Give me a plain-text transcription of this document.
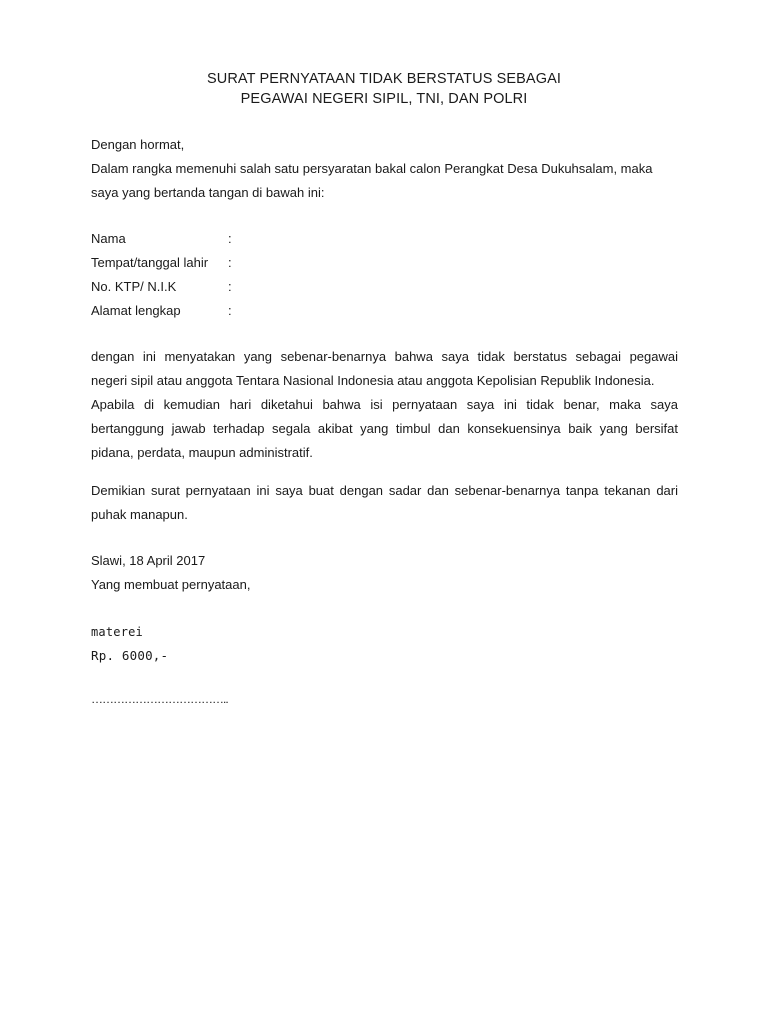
SURAT PERNYATAAN TIDAK BERSTATUS SEBAGAI
PEGAWAI NEGERI SIPIL, TNI, DAN POLRI
Dengan hormat,
Dalam rangka memenuhi salah satu persyaratan bakal calon Perangkat Desa Dukuhsalam, maka
saya yang bertanda tangan di bawah ini:
Nama	:
Tempat/tanggal lahir :
No. KTP/ N.I.K	:
Alamat lengkap	:
dengan ini menyatakan yang sebenar-benarnya bahwa saya tidak berstatus sebagai pegawai
negeri sipil atau anggota Tentara Nasional Indonesia atau anggota Kepolisian Republik Indonesia.
Apabila di kemudian hari diketahui bahwa isi pernyataan saya ini tidak benar, maka saya
bertanggung jawab terhadap segala akibat yang timbul dan konsekuensinya baik yang bersifat
pidana, perdata, maupun administratif.
Demikian surat pernyataan ini saya buat dengan sadar dan sebenar-benarnya tanpa tekanan dari
puhak manapun.
Slawi, 18 April 2017
Yang membuat pernyataan,
materei
Rp. 6000,-
………………………………..
